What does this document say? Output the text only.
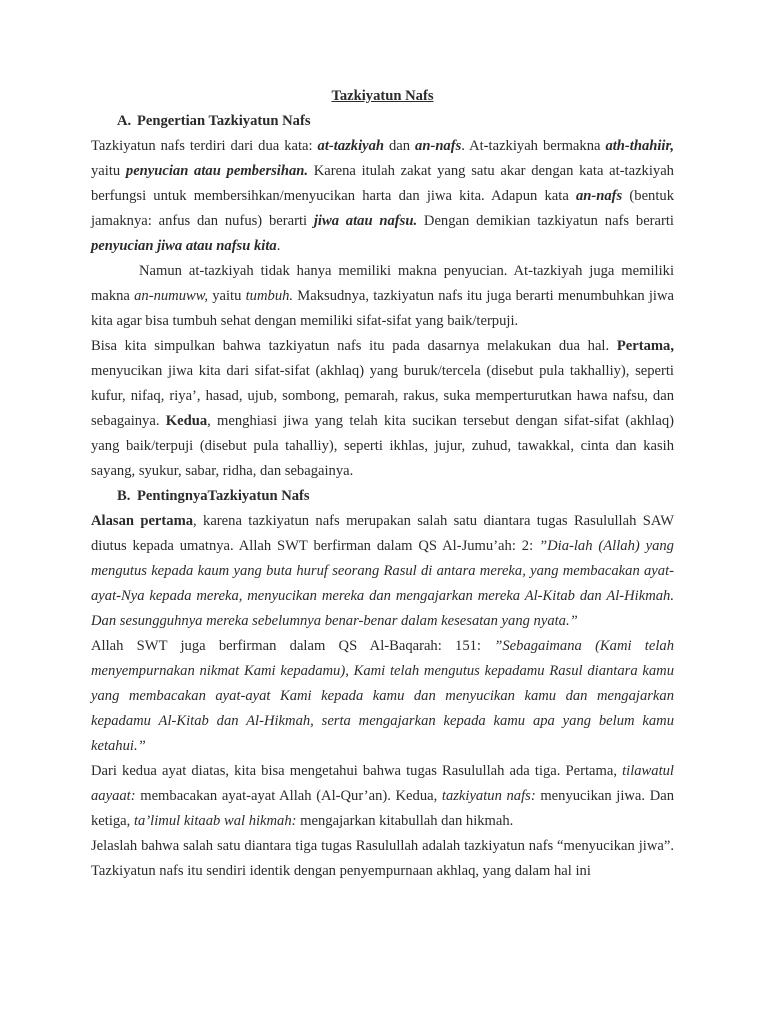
Tazkiyatun Nafs

A. Pengertian Tazkiyatun Nafs

Tazkiyatun nafs terdiri dari dua kata: at-tazkiyah dan an-nafs. At-tazkiyah bermakna ath-thahiir, yaitu penyucian atau pembersihan. Karena itulah zakat yang satu akar dengan kata at-tazkiyah berfungsi untuk membersihkan/menyucikan harta dan jiwa kita. Adapun kata an-nafs (bentuk jamaknya: anfus dan nufus) berarti jiwa atau nafsu. Dengan demikian tazkiyatun nafs berarti penyucian jiwa atau nafsu kita.

Namun at-tazkiyah tidak hanya memiliki makna penyucian. At-tazkiyah juga memiliki makna an-numuww, yaitu tumbuh. Maksudnya, tazkiyatun nafs itu juga berarti menumbuhkan jiwa kita agar bisa tumbuh sehat dengan memiliki sifat-sifat yang baik/terpuji.

Bisa kita simpulkan bahwa tazkiyatun nafs itu pada dasarnya melakukan dua hal. Pertama, menyucikan jiwa kita dari sifat-sifat (akhlaq) yang buruk/tercela (disebut pula takhalliy), seperti kufur, nifaq, riya’, hasad, ujub, sombong, pemarah, rakus, suka memperturutkan hawa nafsu, dan sebagainya. Kedua, menghiasi jiwa yang telah kita sucikan tersebut dengan sifat-sifat (akhlaq) yang baik/terpuji (disebut pula tahalliy), seperti ikhlas, jujur, zuhud, tawakkal, cinta dan kasih sayang, syukur, sabar, ridha, dan sebagainya.

B. PentingnyaTazkiyatun Nafs

Alasan pertama, karena tazkiyatun nafs merupakan salah satu diantara tugas Rasulullah SAW diutus kepada umatnya. Allah SWT berfirman dalam QS Al-Jumu’ah: 2: ”Dia-lah (Allah) yang mengutus kepada kaum yang buta huruf seorang Rasul di antara mereka, yang membacakan ayat-ayat-Nya kepada mereka, menyucikan mereka dan mengajarkan mereka Al-Kitab dan Al-Hikmah. Dan sesungguhnya mereka sebelumnya benar-benar dalam kesesatan yang nyata.”

Allah SWT juga berfirman dalam QS Al-Baqarah: 151: ”Sebagaimana (Kami telah menyempurnakan nikmat Kami kepadamu), Kami telah mengutus kepadamu Rasul diantara kamu yang membacakan ayat-ayat Kami kepada kamu dan menyucikan kamu dan mengajarkan kepadamu Al-Kitab dan Al-Hikmah, serta mengajarkan kepada kamu apa yang belum kamu ketahui.”

Dari kedua ayat diatas, kita bisa mengetahui bahwa tugas Rasulullah ada tiga. Pertama, tilawatul aayaat: membacakan ayat-ayat Allah (Al-Qur’an). Kedua, tazkiyatun nafs: menyucikan jiwa. Dan ketiga, ta’limul kitaab wal hikmah: mengajarkan kitabullah dan hikmah.

Jelaslah bahwa salah satu diantara tiga tugas Rasulullah adalah tazkiyatun nafs “menyucikan jiwa”. Tazkiyatun nafs itu sendiri identik dengan penyempurnaan akhlaq, yang dalam hal ini
